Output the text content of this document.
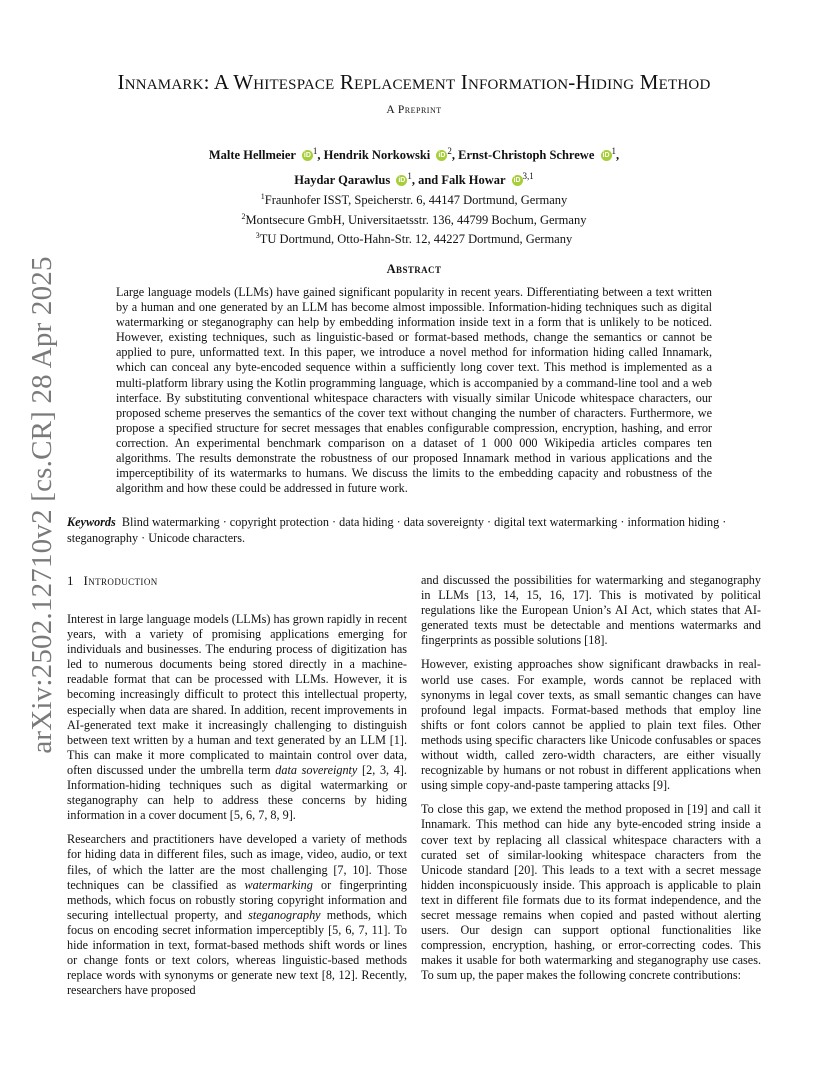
arXiv:2502.12710v2 [cs.CR] 28 Apr 2025
Innamark: A Whitespace Replacement Information-Hiding Method
A Preprint
Malte Hellmeier iD $^1$, Hendrik Norkowski iD $^2$, Ernst-Christoph Schrewe iD $^1$,
Haydar Qarawlus iD $^1$, and Falk Howar iD $^{3,1}$
$^1$Fraunhofer ISST, Speicherstr. 6, 44147 Dortmund, Germany
$^2$Montsecure GmbH, Universitaetsstr. 136, 44799 Bochum, Germany
$^3$TU Dortmund, Otto-Hahn-Str. 12, 44227 Dortmund, Germany
Abstract
Large language models (LLMs) have gained significant popularity in recent years. Differentiating between a text written by a human and one generated by an LLM has become almost impossible. Information-hiding techniques such as digital watermarking or steganography can help by embedding information inside text in a form that is unlikely to be noticed. However, existing techniques, such as linguistic-based or format-based methods, change the semantics or cannot be applied to pure, unformatted text. In this paper, we introduce a novel method for information hiding called Innamark, which can conceal any byte-encoded sequence within a sufficiently long cover text. This method is implemented as a multi-platform library using the Kotlin programming language, which is accompanied by a command-line tool and a web interface. By substituting conventional whitespace characters with visually similar Unicode whitespace characters, our proposed scheme preserves the semantics of the cover text without changing the number of characters. Furthermore, we propose a specified structure for secret messages that enables configurable compression, encryption, hashing, and error correction. An experimental benchmark comparison on a dataset of 1 000 000 Wikipedia articles compares ten algorithms. The results demonstrate the robustness of our proposed Innamark method in various applications and the imperceptibility of its watermarks to humans. We discuss the limits to the embedding capacity and robustness of the algorithm and how these could be addressed in future work.
Keywords Blind watermarking · copyright protection · data hiding · data sovereignty · digital text watermarking · information hiding · steganography · Unicode characters.
1 Introduction

Interest in large language models (LLMs) has grown rapidly in recent years, with a variety of promising applications emerging for individuals and businesses. The enduring process of digitization has led to numerous documents being stored directly in a machine-readable format that can be processed with LLMs. However, it is becoming increasingly difficult to protect this intellectual property, especially when data are shared. In addition, recent improvements in AI-generated text make it increasingly challenging to distinguish between text written by a human and text generated by an LLM [1]. This can make it more complicated to maintain control over data, often discussed under the umbrella term data sovereignty [2, 3, 4]. Information-hiding techniques such as digital watermarking or steganography can help to address these concerns by hiding information in a cover document [5, 6, 7, 8, 9].

Researchers and practitioners have developed a variety of methods for hiding data in different files, such as image, video, audio, or text files, of which the latter are the most challenging [7, 10]. Those techniques can be classified as watermarking or fingerprinting methods, which focus on robustly storing copyright information and securing intellectual property, and steganography methods, which focus on encoding secret information imperceptibly [5, 6, 7, 11]. To hide information in text, format-based methods shift words or lines or change fonts or text colors, whereas linguistic-based methods replace words with synonyms or generate new text [8, 12]. Recently, researchers have proposed

and discussed the possibilities for watermarking and steganography in LLMs [13, 14, 15, 16, 17]. This is motivated by political regulations like the European Union’s AI Act, which states that AI-generated texts must be detectable and mentions watermarks and fingerprints as possible solutions [18].

However, existing approaches show significant drawbacks in real-world use cases. For example, words cannot be replaced with synonyms in legal cover texts, as small semantic changes can have profound legal impacts. Format-based methods that employ line shifts or font colors cannot be applied to plain text files. Other methods using specific characters like Unicode confusables or spaces without width, called zero-width characters, are either visually recognizable by humans or not robust in different applications when using simple copy-and-paste tampering attacks [9].

To close this gap, we extend the method proposed in [19] and call it Innamark. This method can hide any byte-encoded string inside a cover text by replacing all classical whitespace characters with a curated set of similar-looking whitespace characters from the Unicode standard [20]. This leads to a text with a secret message hidden inconspicuously inside. This approach is applicable to plain text in different file formats due to its format independence, and the secret message remains when copied and pasted without alerting users. Our design can support optional functionalities like compression, encryption, hashing, or error-correcting codes. This makes it usable for both watermarking and steganography use cases. To sum up, the paper makes the following concrete contributions:
